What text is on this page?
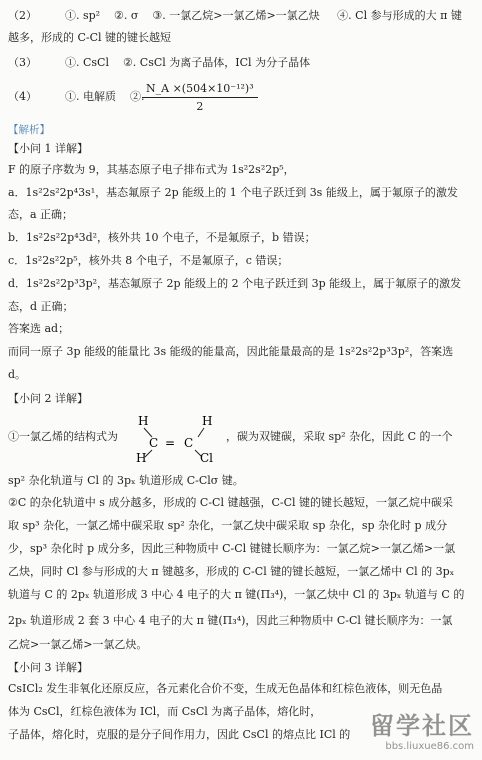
（2）        ①. sp²    ②. σ    ③. 一氯乙烷>一氯乙烯>一氯乙炔     ④. Cl 参与形成的大 π 键
越多，形成的 C-Cl 键的键长越短
（3）        ①. CsCl    ②. CsCl 为离子晶体，ICl 为分子晶体
（4）        ①. 电解质    ②.
$\frac{\text{N\_A ×(504×10⁻¹²)³}}{2}$
【解析】
【小问 1 详解】
F 的原子序数为 9，其基态原子电子排布式为 1s²2s²2p⁵，
a．1s²2s²2p⁴3s¹，基态氟原子 2p 能级上的 1 个电子跃迁到 3s 能级上，属于氟原子的激发
态，a 正确；
b．1s²2s²2p⁴3d²，核外共 10 个电子，不是氟原子，b 错误；
c．1s²2s²2p⁵，核外共 8 个电子，不是氟原子，c 错误；
d．1s²2s²2p³3p²，基态氟原子 2p 能级上的 2 个电子跃迁到 3p 能级上，属于氟原子的激发
态，d 正确；
答案选 ad；
而同一原子 3p 能级的能量比 3s 能级的能量高，因此能量最高的是 1s²2s²2p³3p²，答案选
d。
【小问 2 详解】
①一氯乙烯的结构式为
H	H
C = C
H	Cl
，碳为双键碳，采取 sp² 杂化，因此 C 的一个
sp² 杂化轨道与 Cl 的 3pₓ 轨道形成 C-Clσ 键。
②C 的杂化轨道中 s 成分越多，形成的 C-Cl 键越强，C-Cl 键的键长越短，一氯乙烷中碳采
取 sp³ 杂化，一氯乙烯中碳采取 sp² 杂化，一氯乙炔中碳采取 sp 杂化，sp 杂化时 p 成分
少，sp³ 杂化时 p 成分多，因此三种物质中 C-Cl 键键长顺序为：一氯乙烷>一氯乙烯>一氯
乙炔，同时 Cl 参与形成的大 π 键越多，形成的 C-Cl 键的键长越短，一氯乙烯中 Cl 的 3pₓ
轨道与 C 的 2pₓ 轨道形成 3 中心 4 电子的大 π 键(Π₃⁴)，一氯乙炔中 Cl 的 3pₓ 轨道与 C 的
2pₓ 轨道形成 2 套 3 中心 4 电子的大 π 键(Π₃⁴)，因此三种物质中 C-Cl 键长顺序为：一氯
乙烷>一氯乙烯>一氯乙炔。
【小问 3 详解】
CsICl₂ 发生非氧化还原反应，各元素化合价不变，生成无色晶体和红棕色液体，则无色晶
体为 CsCl，红棕色液体为 ICl，而 CsCl 为离子晶体，熔化时，
子晶体，熔化时，克服的是分子间作用力，因此 CsCl 的熔点比 ICl 的 留学社区
bbs.liuxue86.com
